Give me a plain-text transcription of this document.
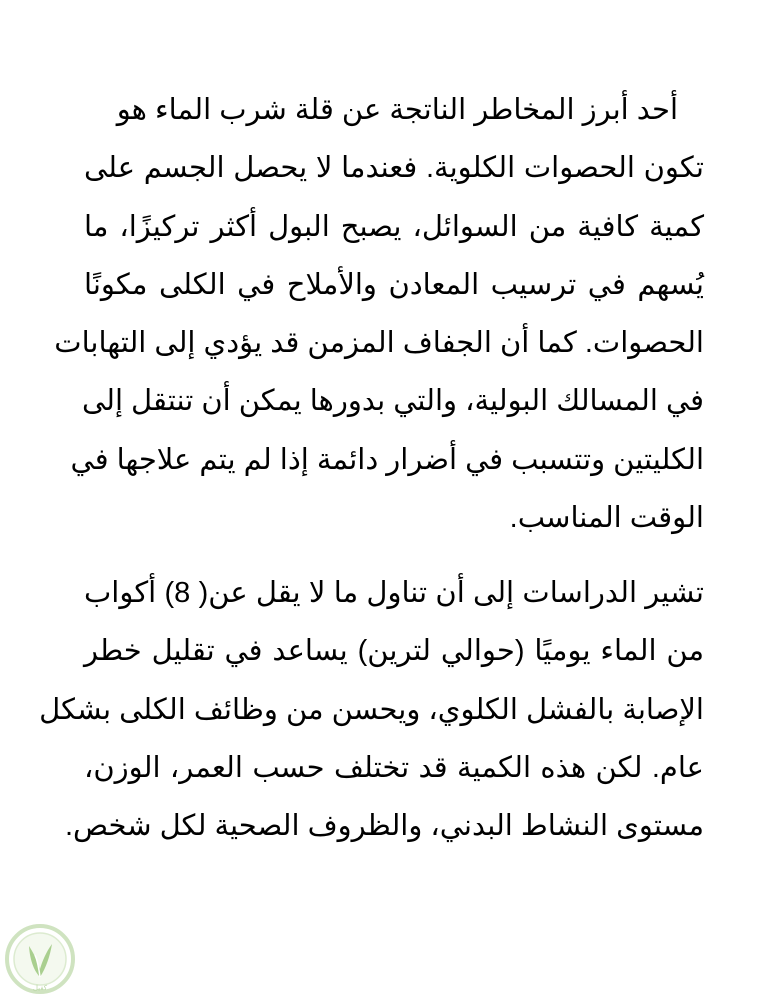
أحد أبرز المخاطر الناتجة عن قلة شرب الماء هو
تكون الحصوات الكلوية. فعندما لا يحصل الجسم على
كمية كافية من السوائل، يصبح البول أكثر تركيزًا، ما
يُسهم في ترسيب المعادن والأملاح في الكلى مكونًا
الحصوات. كما أن الجفاف المزمن قد يؤدي إلى التهابات
في المسالك البولية، والتي بدورها يمكن أن تنتقل إلى
الكليتين وتتسبب في أضرار دائمة إذا لم يتم علاجها في
الوقت المناسب.
تشير الدراسات إلى أن تناول ما لا يقل عن( 8) أكواب
من الماء يوميًا (حوالي لترين) يساعد في تقليل خطر
الإصابة بالفشل الكلوي، ويحسن من وظائف الكلى بشكل
عام. لكن هذه الكمية قد تختلف حسب العمر، الوزن،
مستوى النشاط البدني، والظروف الصحية لكل شخص.
كفيل
